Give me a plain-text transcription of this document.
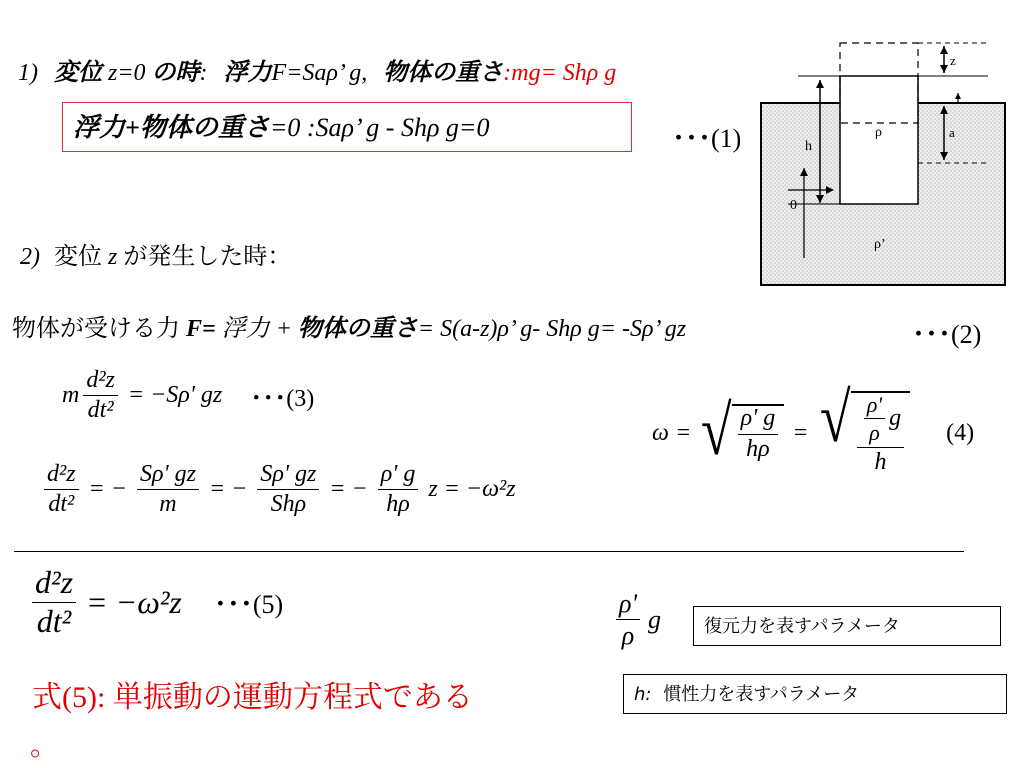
1) 変位 z=0 の時: 浮力F=Saρ’ g, 物体の重さ:mg= Shρ g
浮力+物体の重さ=0 :Saρ’ g - Shρ g=0	･･･(1)
2) 変位 z が発生した時：
物体が受ける力 F= 浮力 + 物体の重さ= S(a-z)ρ’ g- Shρ g= -Sρ’ gz	･･･(2)
z
a
h
0
ρ
ρ’
m $\frac{\text{d²z}}{\text{dt²}} = -S\rho'$ gz ･･･(3)
$\frac{\text{d²z}}{\text{dt²}}$ = − $\frac{S\rho' gz}{m}$ = − $\frac{S\rho' gz}{\text{Shρ}}$ = − $\frac{\rho' g}{h\rho}$ z = −ω²z
ω = √ $\frac{\rho' g}{h\rho}$ = √ $\frac{\frac{\rho'}{\rho} g}{h} (4)$
$\frac{\text{d²z}}{\text{dt²}} = -\omega^2z$ ･･･(5)
式(5): 単振動の運動方程式である
。
$\frac{\rho'}{\rho}$ g	復元力を表すパラメータ
h: 慣性力を表すパラメータ
